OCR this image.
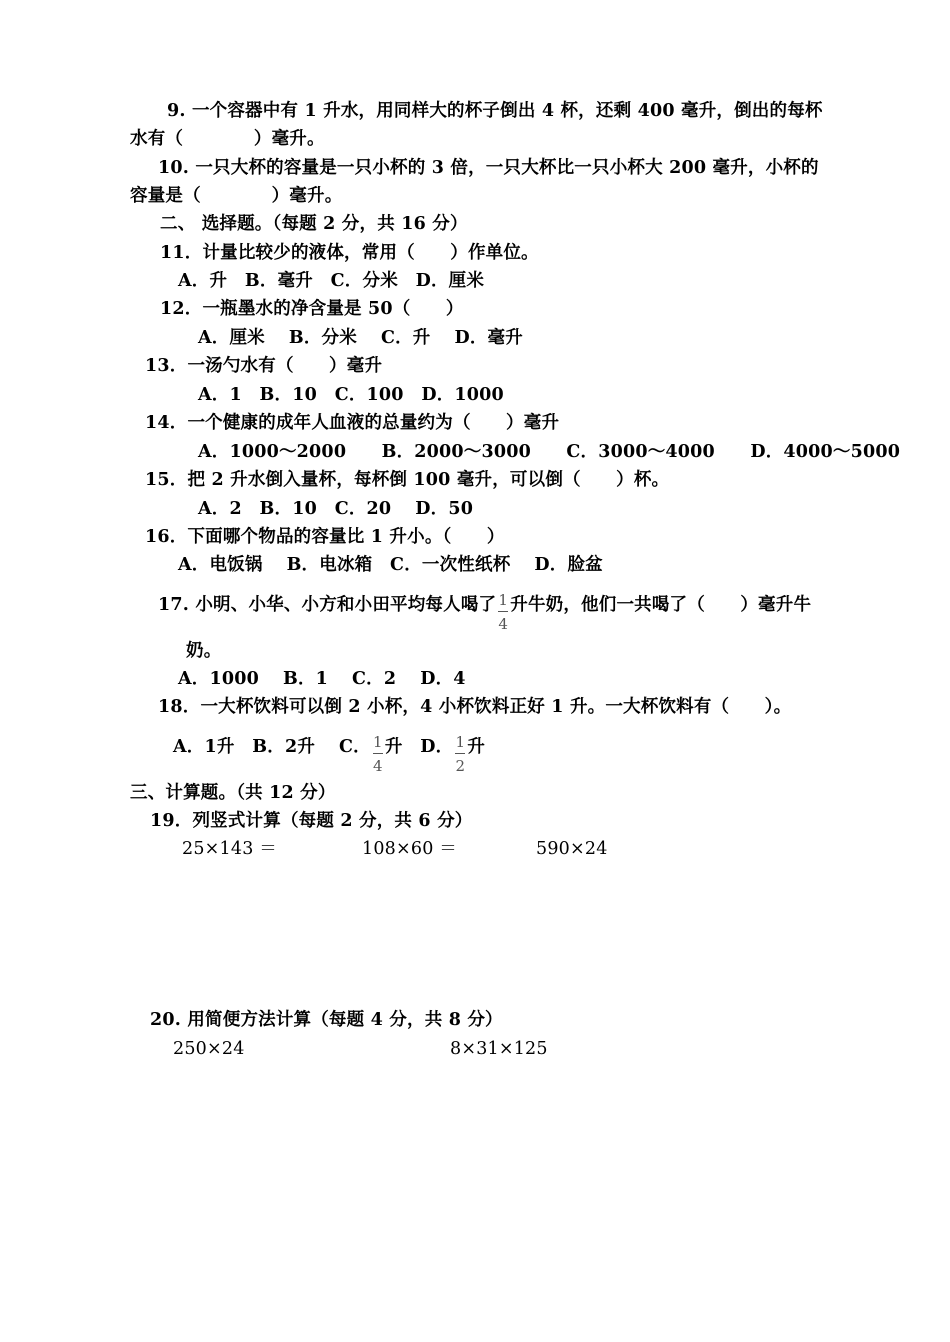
9. 一个容器中有 1 升水，用同样大的杯子倒出 4 杯，还剩 400 毫升，倒出的每杯
水有（　　　　）毫升。
10. 一只大杯的容量是一只小杯的 3 倍，一只大杯比一只小杯大 200 毫升，小杯的
容量是（　　　　）毫升。
二、 选择题。（每题 2 分，共 16 分）
11．计量比较少的液体，常用（　　）作单位。
A．升　B．毫升　C．分米　D．厘米
12．一瓶墨水的净含量是 50（　　）
A．厘米　 B．分米　 C．升　 D．毫升
13．一汤勺水有（　　）毫升
A．1　B．10　C．100　D．1000
14．一个健康的成年人血液的总量约为（　　）毫升
A．1000～2000　　B．2000～3000　　C．3000～4000　　D．4000～5000
15．把 2 升水倒入量杯，每杯倒 100 毫升，可以倒（　　）杯。
A．2　B．10　C．20　 D．50
16．下面哪个物品的容量比 1 升小。（　　）
A．电饭锅　 B．电冰箱　C．一次性纸杯　 D．脸盆
17. 小明、小华、小方和小田平均每人喝了 $\frac{1}{4}$ 升牛奶，他们一共喝了（　　）毫升牛
奶。
A．1000　 B．1　 C．2　 D．4
18．一大杯饮料可以倒 2 小杯，4 小杯饮料正好 1 升。一大杯饮料有（　　）。
A．1升　B．2升　 C． $\frac{1}{4}$ 升　D． $\frac{1}{2}$ 升
三、计算题。（共 12 分）
19．列竖式计算（每题 2 分，共 6 分）
25×143 ＝	108×60 ＝	590×24
20. 用简便方法计算（每题 4 分，共 8 分）
250×24	8×31×125
